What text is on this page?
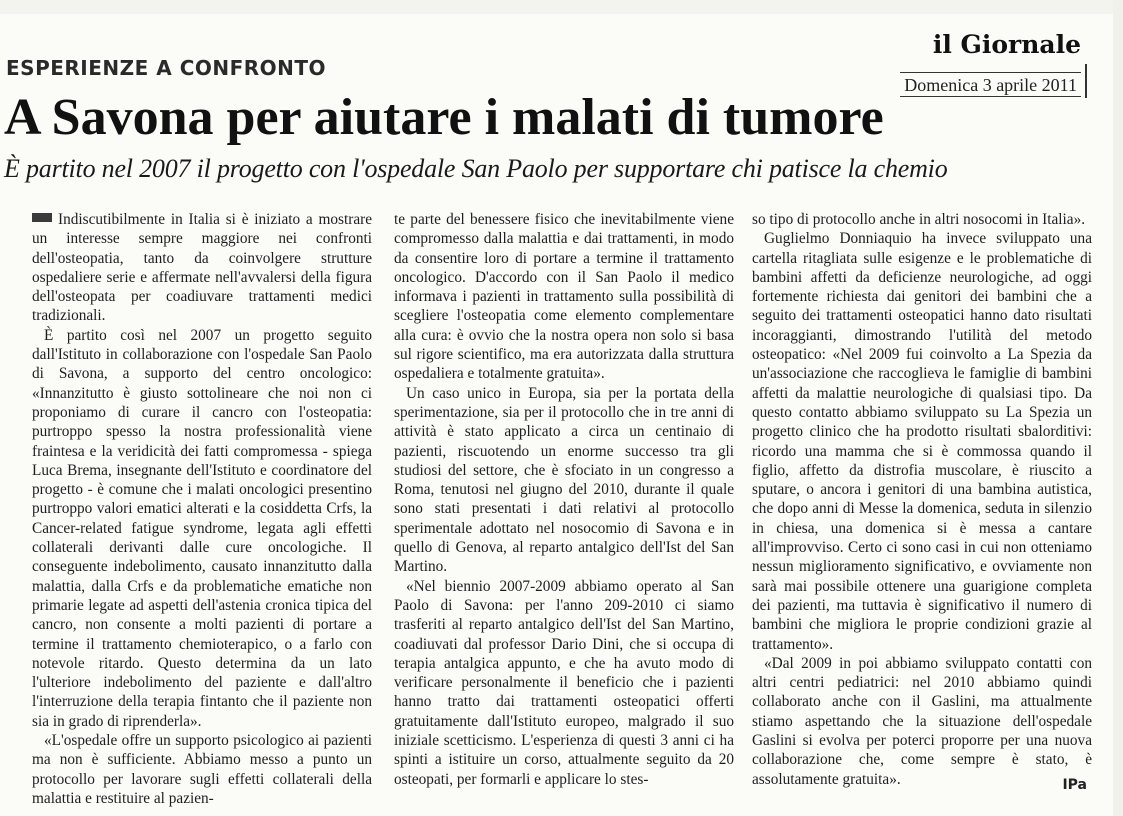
ESPERIENZE A CONFRONTO
il Giornale
Domenica 3 aprile 2011
A Savona per aiutare i malati di tumore
È partito nel 2007 il progetto con l'ospedale San Paolo per supportare chi patisce la chemio

Indiscutibilmente in Italia si è iniziato a mostrare un interesse sempre maggiore nei confronti dell'osteopatia, tanto da coinvolgere strutture ospedaliere serie e affermate nell'avvalersi della figura dell'osteopata per coadiuvare trattamenti medici tradizionali.

È partito così nel 2007 un progetto seguito dall'Istituto in collaborazione con l'ospedale San Paolo di Savona, a supporto del centro oncologico: «Innanzitutto è giusto sottolineare che noi non ci proponiamo di curare il cancro con l'osteopatia: purtroppo spesso la nostra professionalità viene fraintesa e la veridicità dei fatti compromessa - spiega Luca Brema, insegnante dell'Istituto e coordinatore del progetto - è comune che i malati oncologici presentino purtroppo valori ematici alterati e la cosiddetta Crfs, la Cancer-related fatigue syndrome, legata agli effetti collaterali derivanti dalle cure oncologiche. Il conseguente indebolimento, causato innanzitutto dalla malattia, dalla Crfs e da problematiche ematiche non primarie legate ad aspetti dell'astenia cronica tipica del cancro, non consente a molti pazienti di portare a termine il trattamento chemioterapico, o a farlo con notevole ritardo. Questo determina da un lato l'ulteriore indebolimento del paziente e dall'altro l'interruzione della terapia fintanto che il paziente non sia in grado di riprenderla».

«L'ospedale offre un supporto psicologico ai pazienti ma non è sufficiente. Abbiamo messo a punto un protocollo per lavorare sugli effetti collaterali della malattia e restituire al pazien-

te parte del benessere fisico che inevitabilmente viene compromesso dalla malattia e dai trattamenti, in modo da consentire loro di portare a termine il trattamento oncologico. D'accordo con il San Paolo il medico informava i pazienti in trattamento sulla possibilità di scegliere l'osteopatia come elemento complementare alla cura: è ovvio che la nostra opera non solo si basa sul rigore scientifico, ma era autorizzata dalla struttura ospedaliera e totalmente gratuita».

Un caso unico in Europa, sia per la portata della sperimentazione, sia per il protocollo che in tre anni di attività è stato applicato a circa un centinaio di pazienti, riscuotendo un enorme successo tra gli studiosi del settore, che è sfociato in un congresso a Roma, tenutosi nel giugno del 2010, durante il quale sono stati presentati i dati relativi al protocollo sperimentale adottato nel nosocomio di Savona e in quello di Genova, al reparto antalgico dell'Ist del San Martino.

«Nel biennio 2007-2009 abbiamo operato al San Paolo di Savona: per l'anno 209-2010 ci siamo trasferiti al reparto antalgico dell'Ist del San Martino, coadiuvati dal professor Dario Dini, che si occupa di terapia antalgica appunto, e che ha avuto modo di verificare personalmente il beneficio che i pazienti hanno tratto dai trattamenti osteopatici offerti gratuitamente dall'Istituto europeo, malgrado il suo iniziale scetticismo. L'esperienza di questi 3 anni ci ha spinti a istituire un corso, attualmente seguito da 20 osteopati, per formarli e applicare lo stes-

so tipo di protocollo anche in altri nosocomi in Italia».

Guglielmo Donniaquio ha invece sviluppato una cartella ritagliata sulle esigenze e le problematiche di bambini affetti da deficienze neurologiche, ad oggi fortemente richiesta dai genitori dei bambini che a seguito dei trattamenti osteopatici hanno dato risultati incoraggianti, dimostrando l'utilità del metodo osteopatico: «Nel 2009 fui coinvolto a La Spezia da un'associazione che raccoglieva le famiglie di bambini affetti da malattie neurologiche di qualsiasi tipo. Da questo contatto abbiamo sviluppato su La Spezia un progetto clinico che ha prodotto risultati sbalorditivi: ricordo una mamma che si è commossa quando il figlio, affetto da distrofia muscolare, è riuscito a sputare, o ancora i genitori di una bambina autistica, che dopo anni di Messe la domenica, seduta in silenzio in chiesa, una domenica si è messa a cantare all'improvviso. Certo ci sono casi in cui non otteniamo nessun miglioramento significativo, e ovviamente non sarà mai possibile ottenere una guarigione completa dei pazienti, ma tuttavia è significativo il numero di bambini che migliora le proprie condizioni grazie al trattamento».

«Dal 2009 in poi abbiamo sviluppato contatti con altri centri pediatrici: nel 2010 abbiamo quindi collaborato anche con il Gaslini, ma attualmente stiamo aspettando che la situazione dell'ospedale Gaslini si evolva per poterci proporre per una nuova collaborazione che, come sempre è stato, è assolutamente gratuita».	IPa
